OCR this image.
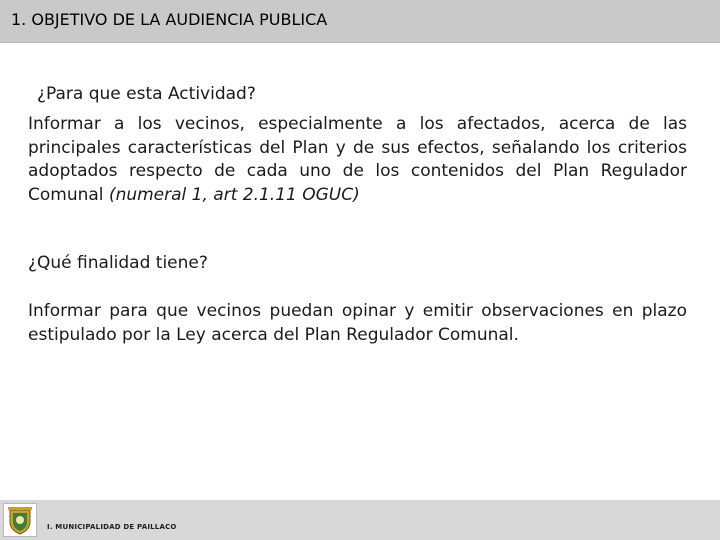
1. OBJETIVO DE LA AUDIENCIA PUBLICA
¿Para que esta Actividad?
Informar a los vecinos, especialmente a los afectados, acerca de las principales características del Plan y de sus efectos, señalando los criterios adoptados respecto de cada uno de los contenidos del Plan Regulador Comunal (numeral 1, art 2.1.11 OGUC)
¿Qué finalidad tiene?
Informar para que vecinos puedan opinar y emitir observaciones en plazo estipulado por la Ley acerca del Plan Regulador Comunal.
I. MUNICIPALIDAD DE PAILLACO
